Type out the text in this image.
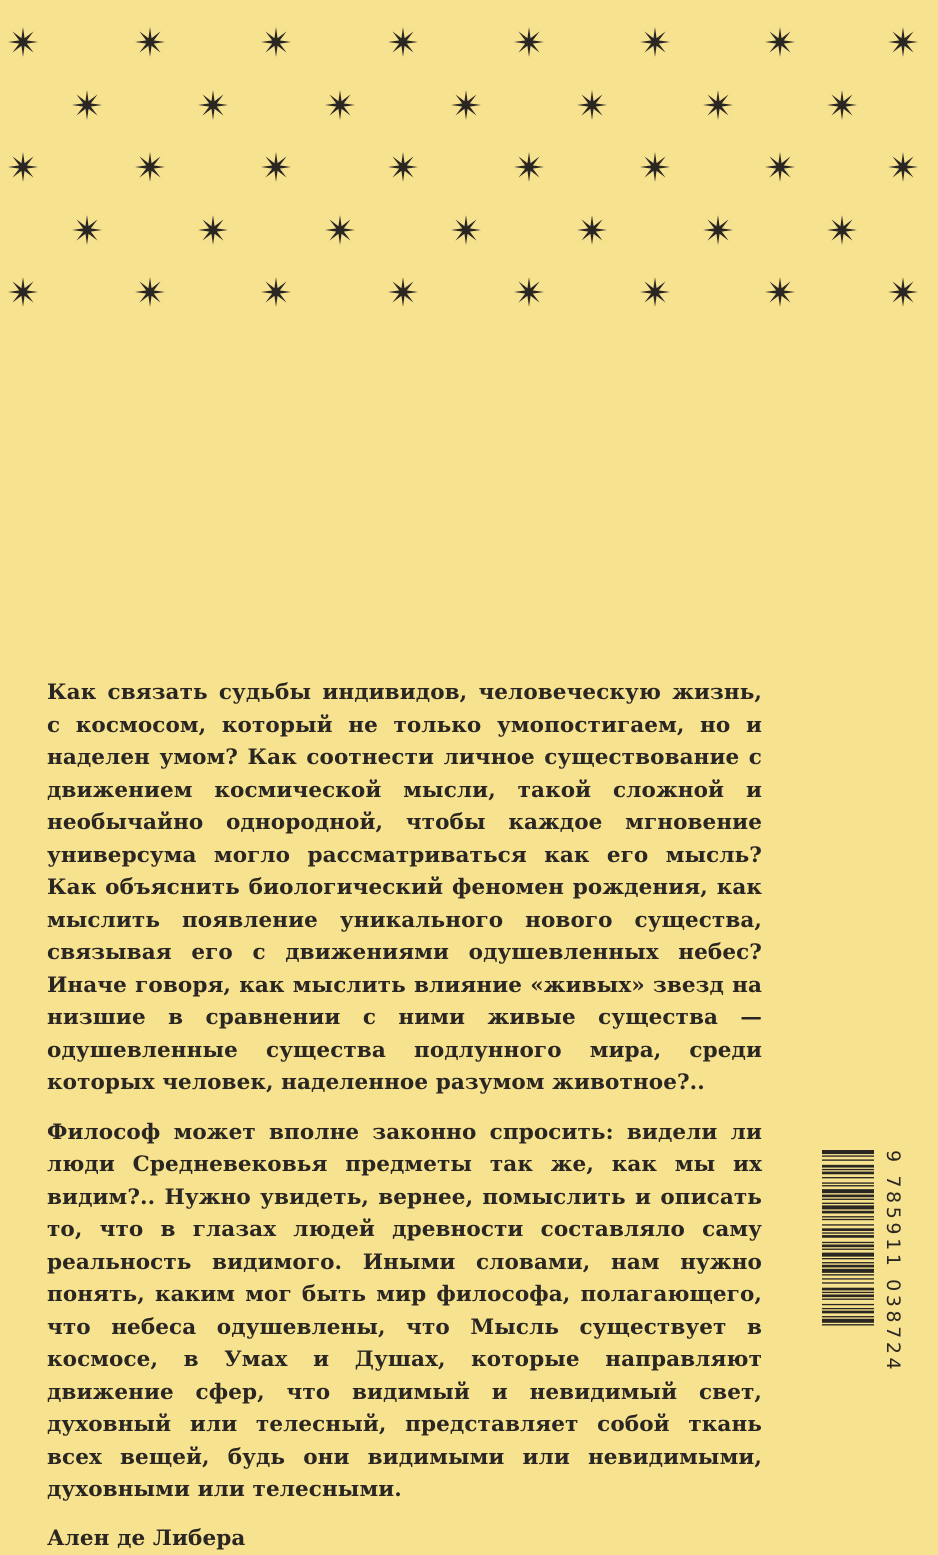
Как связать судьбы индивидов, человеческую жизнь, с космосом, который не только умопостигаем, но и наделен умом? Как соотнести личное существование с движением космической мысли, такой сложной и необычайно однородной, чтобы каждое мгновение универсума могло рассматриваться как его мысль? Как объяснить биологический феномен рождения, как мыслить появление уникального нового существа, связывая его с движениями одушевленных небес? Иначе говоря, как мыслить влияние «живых» звезд на низшие в сравнении с ними живые существа — одушевленные существа подлунного мира, среди которых человек, наделенное разумом животное?..

Философ может вполне законно спросить: видели ли люди Средневековья предметы так же, как мы их видим?.. Нужно увидеть, вернее, помыслить и описать то, что в глазах людей древности составляло саму реальность видимого. Иными словами, нам нужно понять, каким мог быть мир философа, полагающего, что небеса одушевлены, что Мысль существует в космосе, в Умах и Душах, которые направляют движение сфер, что видимый и невидимый свет, духовный или телесный, представляет собой ткань всех вещей, будь они видимыми или невидимыми, духовными или телесными.

Ален де Либера

9 785911 038724
